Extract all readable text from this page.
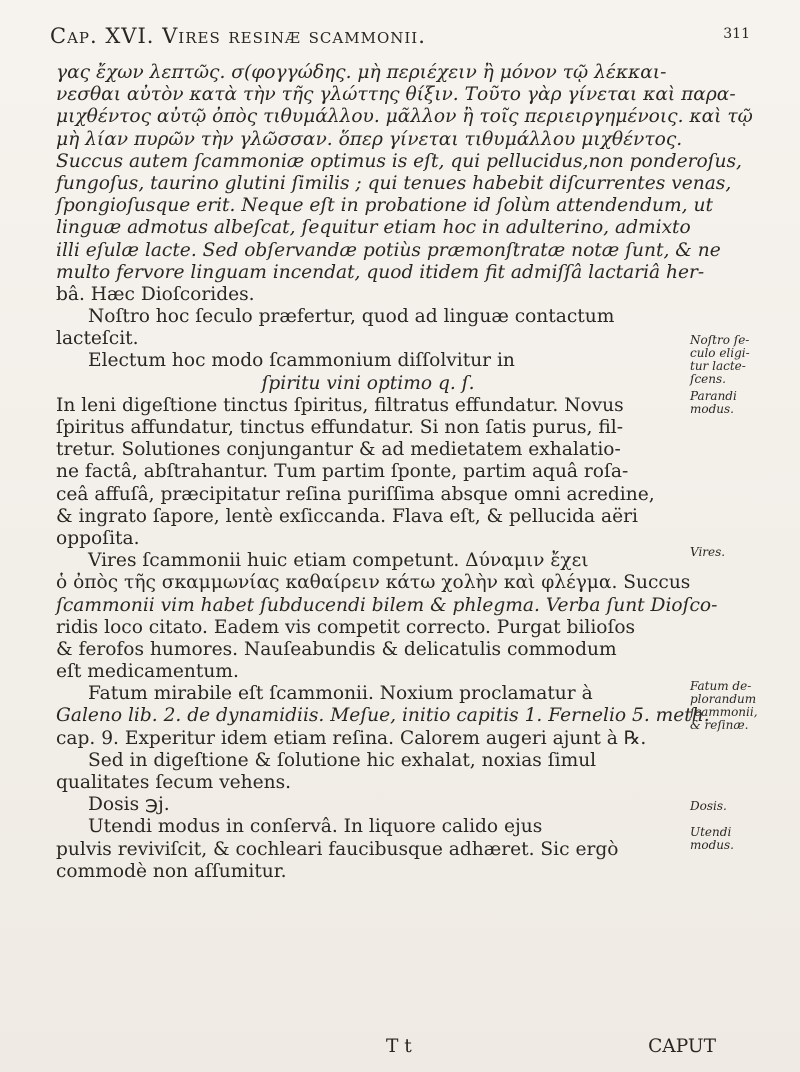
Cap. XVI. Vires resinæ scammonii.	311
γας ἔχων λεπτῶς. σ(φογγώδης. μὴ περιέχειν ἢ μόνον τῷ λέκκαι-
νεσθαι αὐτὸν κατὰ τὴν τῆς γλώττης θίξιν. Τοῦτο γὰρ γίνεται καὶ παρα-
μιχθέντος αὐτῷ ὀπὸς τιθυμάλλου. μᾶλλον ἢ τοῖς περιειργημένοις. καὶ τῷ
μὴ λίαν πυρῶν τὴν γλῶσσαν. ὅπερ γίνεται τιθυμάλλου μιχθέντος.
Succus autem ſcammoniæ optimus is eſt, qui pellucidus,non ponderoſus,
fungoſus, taurino glutini ſimilis ; qui tenues habebit diſcurrentes venas,
ſpongioſusque erit. Neque eſt in probatione id ſolùm attendendum, ut
linguæ admotus albeſcat, ſequitur etiam hoc in adulterino, admixto
illi eſulæ lacte. Sed obſervandæ potiùs præmonſtratæ notæ ſunt, & ne
multo fervore linguam incendat, quod itidem fit admiſſâ lactariâ her-
bâ. Hæc Dioſcorides.
Noſtro hoc ſeculo præfertur, quod ad linguæ contactum
lacteſcit.
Electum hoc modo ſcammonium diſſolvitur in
ſpiritu vini optimo q. ſ.
In leni digeſtione tinctus ſpiritus, filtratus effundatur. Novus
ſpiritus affundatur, tinctus effundatur. Si non ſatis purus, fil-
tretur. Solutiones conjungantur & ad medietatem exhalatio-
ne factâ, abſtrahantur. Tum partim ſponte, partim aquâ roſa-
ceâ affuſâ, præcipitatur reſina puriſſima absque omni acredine,
& ingrato ſapore, lentè exſiccanda. Flava eſt, & pellucida aëri
oppoſita.
Vires ſcammonii huic etiam competunt. Δύναμιν ἔχει
ὁ ὀπὸς τῆς σκαμμωνίας καθαίρειν κάτω χολὴν καὶ φλέγμα. Succus
ſcammonii vim habet ſubducendi bilem & phlegma. Verba ſunt Dioſco-
ridis loco citato. Eadem vis competit correcto. Purgat bilioſos
& ferofos humores. Nauſeabundis & delicatulis commodum
eſt medicamentum.
Fatum mirabile eſt ſcammonii. Noxium proclamatur à
Galeno lib. 2. de dynamidiis. Meſue, initio capitis 1. Fernelio 5. meth.
cap. 9. Experitur idem etiam reſina. Calorem augeri ajunt à ℞.
Sed in digeſtione & ſolutione hic exhalat, noxias ſimul
qualitates ſecum vehens.
Dosis ℈j.
Utendi modus in conſervâ. In liquore calido ejus
pulvis reviviſcit, & cochleari faucibusque adhæret. Sic ergò
commodè non aſſumitur.
Noſtro ſe-
culo eligi-
tur lacte-
ſcens.
Parandi
modus.
Vires.
Fatum de-
plorandum
ſcammonii,
& reſinæ.
Dosis.
Utendi
modus.
T t	CAPUT
